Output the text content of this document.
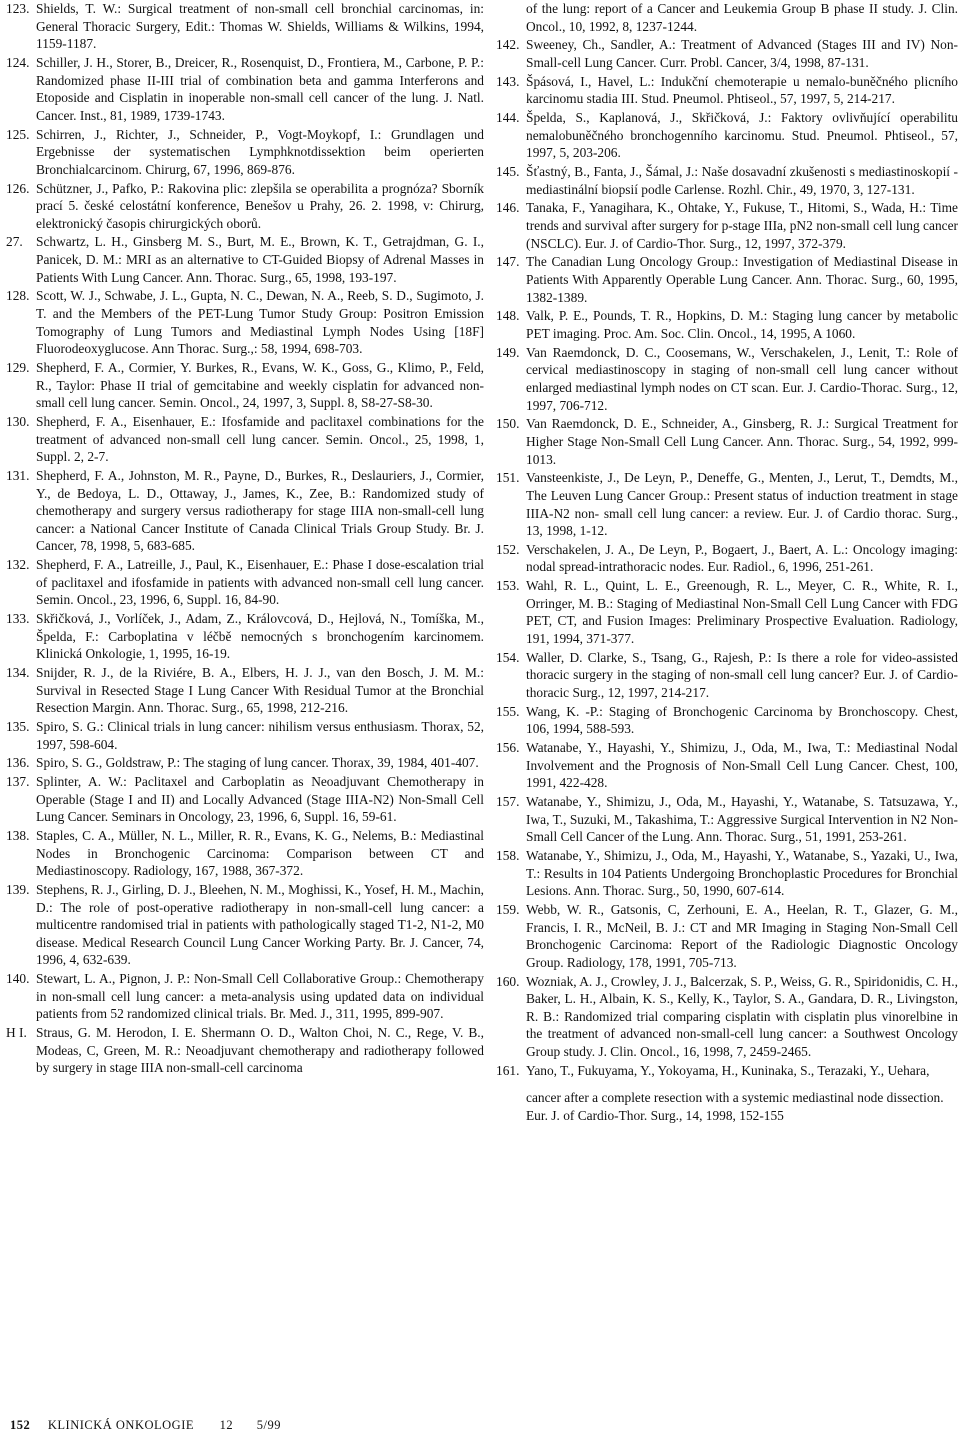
123. Shields, T. W.: Surgical treatment of non-small cell bronchial carcinomas, in: General Thoracic Surgery, Edit.: Thomas W. Shields, Williams & Wilkins, 1994, 1159-1187.
124. Schiller, J. H., Storer, B., Dreicer, R., Rosenquist, D., Frontiera, M., Carbone, P. P.: Randomized phase II-III trial of combination beta and gamma Interferons and Etoposide and Cisplatin in inoperable non-small cell cancer of the lung. J. Natl. Cancer. Inst., 81, 1989, 1739-1743.
125. Schirren, J., Richter, J., Schneider, P., Vogt-Moykopf, I.: Grundlagen und Ergebnisse der systematischen Lymphknotdissektion beim operierten Bronchialcarcinom. Chirurg, 67, 1996, 869-876.
126. Schützner, J., Pafko, P.: Rakovina plic: zlepšila se operabilita a prognóza? Sborník prací 5. české celostátní konference, Benešov u Prahy, 26. 2. 1998, v: Chirurg, elektronický časopis chirurgických oborů.
27. Schwartz, L. H., Ginsberg M. S., Burt, M. E., Brown, K. T., Getrajdman, G. I., Panicek, D. M.: MRI as an alternative to CT-Guided Biopsy of Adrenal Masses in Patients With Lung Cancer. Ann. Thorac. Surg., 65, 1998, 193-197.
128. Scott, W. J., Schwabe, J. L., Gupta, N. C., Dewan, N. A., Reeb, S. D., Sugimoto, J. T. and the Members of the PET-Lung Tumor Study Group: Positron Emission Tomography of Lung Tumors and Mediastinal Lymph Nodes Using [18F] Fluorodeoxyglucose. Ann Thorac. Surg.,: 58, 1994, 698-703.
129. Shepherd, F. A., Cormier, Y. Burkes, R., Evans, W. K., Goss, G., Klimo, P., Feld, R., Taylor: Phase II trial of gemcitabine and weekly cisplatin for advanced non-small cell lung cancer. Semin. Oncol., 24, 1997, 3, Suppl. 8, S8-27-S8-30.
130. Shepherd, F. A., Eisenhauer, E.: Ifosfamide and paclitaxel combinations for the treatment of advanced non-small cell lung cancer. Semin. Oncol., 25, 1998, 1, Suppl. 2, 2-7.
131. Shepherd, F. A., Johnston, M. R., Payne, D., Burkes, R., Deslauriers, J., Cormier, Y., de Bedoya, L. D., Ottaway, J., James, K., Zee, B.: Randomized study of chemotherapy and surgery versus radiotherapy for stage IIIA non-small-cell lung cancer: a National Cancer Institute of Canada Clinical Trials Group Study. Br. J. Cancer, 78, 1998, 5, 683-685.
132. Shepherd, F. A., Latreille, J., Paul, K., Eisenhauer, E.: Phase I dose-escalation trial of paclitaxel and ifosfamide in patients with advanced non-small cell lung cancer. Semin. Oncol., 23, 1996, 6, Suppl. 16, 84-90.
133. Skřičková, J., Vorlíček, J., Adam, Z., Královcová, D., Hejlová, N., Tomíška, M., Špelda, F.: Carboplatina v léčbě nemocných s bronchogením karcinomem. Klinická Onkologie, 1, 1995, 16-19.
134. Snijder, R. J., de la Riviére, B. A., Elbers, H. J. J., van den Bosch, J. M. M.: Survival in Resected Stage I Lung Cancer With Residual Tumor at the Bronchial Resection Margin. Ann. Thorac. Surg., 65, 1998, 212-216.
135. Spiro, S. G.: Clinical trials in lung cancer: nihilism versus enthusiasm. Thorax, 52, 1997, 598-604.
136. Spiro, S. G., Goldstraw, P.: The staging of lung cancer. Thorax, 39, 1984, 401-407.
137. Splinter, A. W.: Paclitaxel and Carboplatin as Neoadjuvant Chemotherapy in Operable (Stage I and II) and Locally Advanced (Stage IIIA-N2) Non-Small Cell Lung Cancer. Seminars in Oncology, 23, 1996, 6, Suppl. 16, 59-61.
138. Staples, C. A., Müller, N. L., Miller, R. R., Evans, K. G., Nelems, B.: Mediastinal Nodes in Bronchogenic Carcinoma: Comparison between CT and Mediastinoscopy. Radiology, 167, 1988, 367-372.
139. Stephens, R. J., Girling, D. J., Bleehen, N. M., Moghissi, K., Yosef, H. M., Machin, D.: The role of post-operative radiotherapy in non-small-cell lung cancer: a multicentre randomised trial in patients with pathologically staged T1-2, N1-2, M0 disease. Medical Research Council Lung Cancer Working Party. Br. J. Cancer, 74, 1996, 4, 632-639.
140. Stewart, L. A., Pignon, J. P.: Non-Small Cell Collaborative Group.: Chemotherapy in non-small cell lung cancer: a meta-analysis using updated data on individual patients from 52 randomized clinical trials. Br. Med. J., 311, 1995, 899-907.
H I. Straus, G. M. Herodon, I. E. Shermann O. D., Walton Choi, N. C., Rege, V. B., Modeas, C, Green, M. R.: Neoadjuvant chemotherapy and radiotherapy followed by surgery in stage IIIA non-small-cell carcinoma
of the lung: report of a Cancer and Leukemia Group B phase II study. J. Clin. Oncol., 10, 1992, 8, 1237-1244.
142. Sweeney, Ch., Sandler, A.: Treatment of Advanced (Stages III and IV) Non-Small-cell Lung Cancer. Curr. Probl. Cancer, 3/4, 1998, 87-131.
143. Špásová, I., Havel, L.: Indukční chemoterapie u nemalo-buněčného plicního karcinomu stadia III. Stud. Pneumol. Phtiseol., 57, 1997, 5, 214-217.
144. Špelda, S., Kaplanová, J., Skřičková, J.: Faktory ovlivňující operabilitu nemalobuněčného bronchogenního karcinomu. Stud. Pneumol. Phtiseol., 57, 1997, 5, 203-206.
145. Šťastný, B., Fanta, J., Šámal, J.: Naše dosavadní zkušenosti s mediastinoskopií - mediastinální biopsií podle Carlense. Rozhl. Chir., 49, 1970, 3, 127-131.
146. Tanaka, F., Yanagihara, K., Ohtake, Y., Fukuse, T., Hitomi, S., Wada, H.: Time trends and survival after surgery for p-stage IIIa, pN2 non-small cell lung cancer (NSCLC). Eur. J. of Cardio-Thor. Surg., 12, 1997, 372-379.
147. The Canadian Lung Oncology Group.: Investigation of Mediastinal Disease in Patients With Apparently Operable Lung Cancer. Ann. Thorac. Surg., 60, 1995, 1382-1389.
148. Valk, P. E., Pounds, T. R., Hopkins, D. M.: Staging lung cancer by metabolic PET imaging. Proc. Am. Soc. Clin. Oncol., 14, 1995, A 1060.
149. Van Raemdonck, D. C., Coosemans, W., Verschakelen, J., Lenit, T.: Role of cervical mediastinoscopy in staging of non-small cell lung cancer without enlarged mediastinal lymph nodes on CT scan. Eur. J. Cardio-Thorac. Surg., 12, 1997, 706-712.
150. Van Raemdonck, D. E., Schneider, A., Ginsberg, R. J.: Surgical Treatment for Higher Stage Non-Small Cell Lung Cancer. Ann. Thorac. Surg., 54, 1992, 999-1013.
151. Vansteenkiste, J., De Leyn, P., Deneffe, G., Menten, J., Lerut, T., Demdts, M., The Leuven Lung Cancer Group.: Present status of induction treatment in stage IIIA-N2 non- small cell lung cancer: a review. Eur. J. of Cardio thorac. Surg., 13, 1998, 1-12.
152. Verschakelen, J. A., De Leyn, P., Bogaert, J., Baert, A. L.: Oncology imaging: nodal spread-intrathoracic nodes. Eur. Radiol., 6, 1996, 251-261.
153. Wahl, R. L., Quint, L. E., Greenough, R. L., Meyer, C. R., White, R. I., Orringer, M. B.: Staging of Mediastinal Non-Small Cell Lung Cancer with FDG PET, CT, and Fusion Images: Preliminary Prospective Evaluation. Radiology, 191, 1994, 371-377.
154. Waller, D. Clarke, S., Tsang, G., Rajesh, P.: Is there a role for video-assisted thoracic surgery in the staging of non-small cell lung cancer? Eur. J. of Cardio-thoracic Surg., 12, 1997, 214-217.
155. Wang, K. -P.: Staging of Bronchogenic Carcinoma by Bronchoscopy. Chest, 106, 1994, 588-593.
156. Watanabe, Y., Hayashi, Y., Shimizu, J., Oda, M., Iwa, T.: Mediastinal Nodal Involvement and the Prognosis of Non-Small Cell Lung Cancer. Chest, 100, 1991, 422-428.
157. Watanabe, Y., Shimizu, J., Oda, M., Hayashi, Y., Watanabe, S. Tatsuzawa, Y., Iwa, T., Suzuki, M., Takashima, T.: Aggressive Surgical Intervention in N2 Non-Small Cell Cancer of the Lung. Ann. Thorac. Surg., 51, 1991, 253-261.
158. Watanabe, Y., Shimizu, J., Oda, M., Hayashi, Y., Watanabe, S., Yazaki, U., Iwa, T.: Results in 104 Patients Undergoing Bronchoplastic Procedures for Bronchial Lesions. Ann. Thorac. Surg., 50, 1990, 607-614.
159. Webb, W. R., Gatsonis, C, Zerhouni, E. A., Heelan, R. T., Glazer, G. M., Francis, I. R., McNeil, B. J.: CT and MR Imaging in Staging Non-Small Cell Bronchogenic Carcinoma: Report of the Radiologic Diagnostic Oncology Group. Radiology, 178, 1991, 705-713.
160. Wozniak, A. J., Crowley, J. J., Balcerzak, S. P., Weiss, G. R., Spiridonidis, C. H., Baker, L. H., Albain, K. S., Kelly, K., Taylor, S. A., Gandara, D. R., Livingston, R. B.: Randomized trial comparing cisplatin with cisplatin plus vinorelbine in the treatment of advanced non-small-cell lung cancer: a Southwest Oncology Group study. J. Clin. Oncol., 16, 1998, 7, 2459-2465.
161. Yano, T., Fukuyama, Y., Yokoyama, H., Kuninaka, S., Terazaki, Y., Uehara,
cancer after a complete resection with a systemic mediastinal node dissection. Eur. J. of Cardio-Thor. Surg., 14, 1998, 152-155
152 KLINICKÁ ONKOLOGIE 12 5/99
